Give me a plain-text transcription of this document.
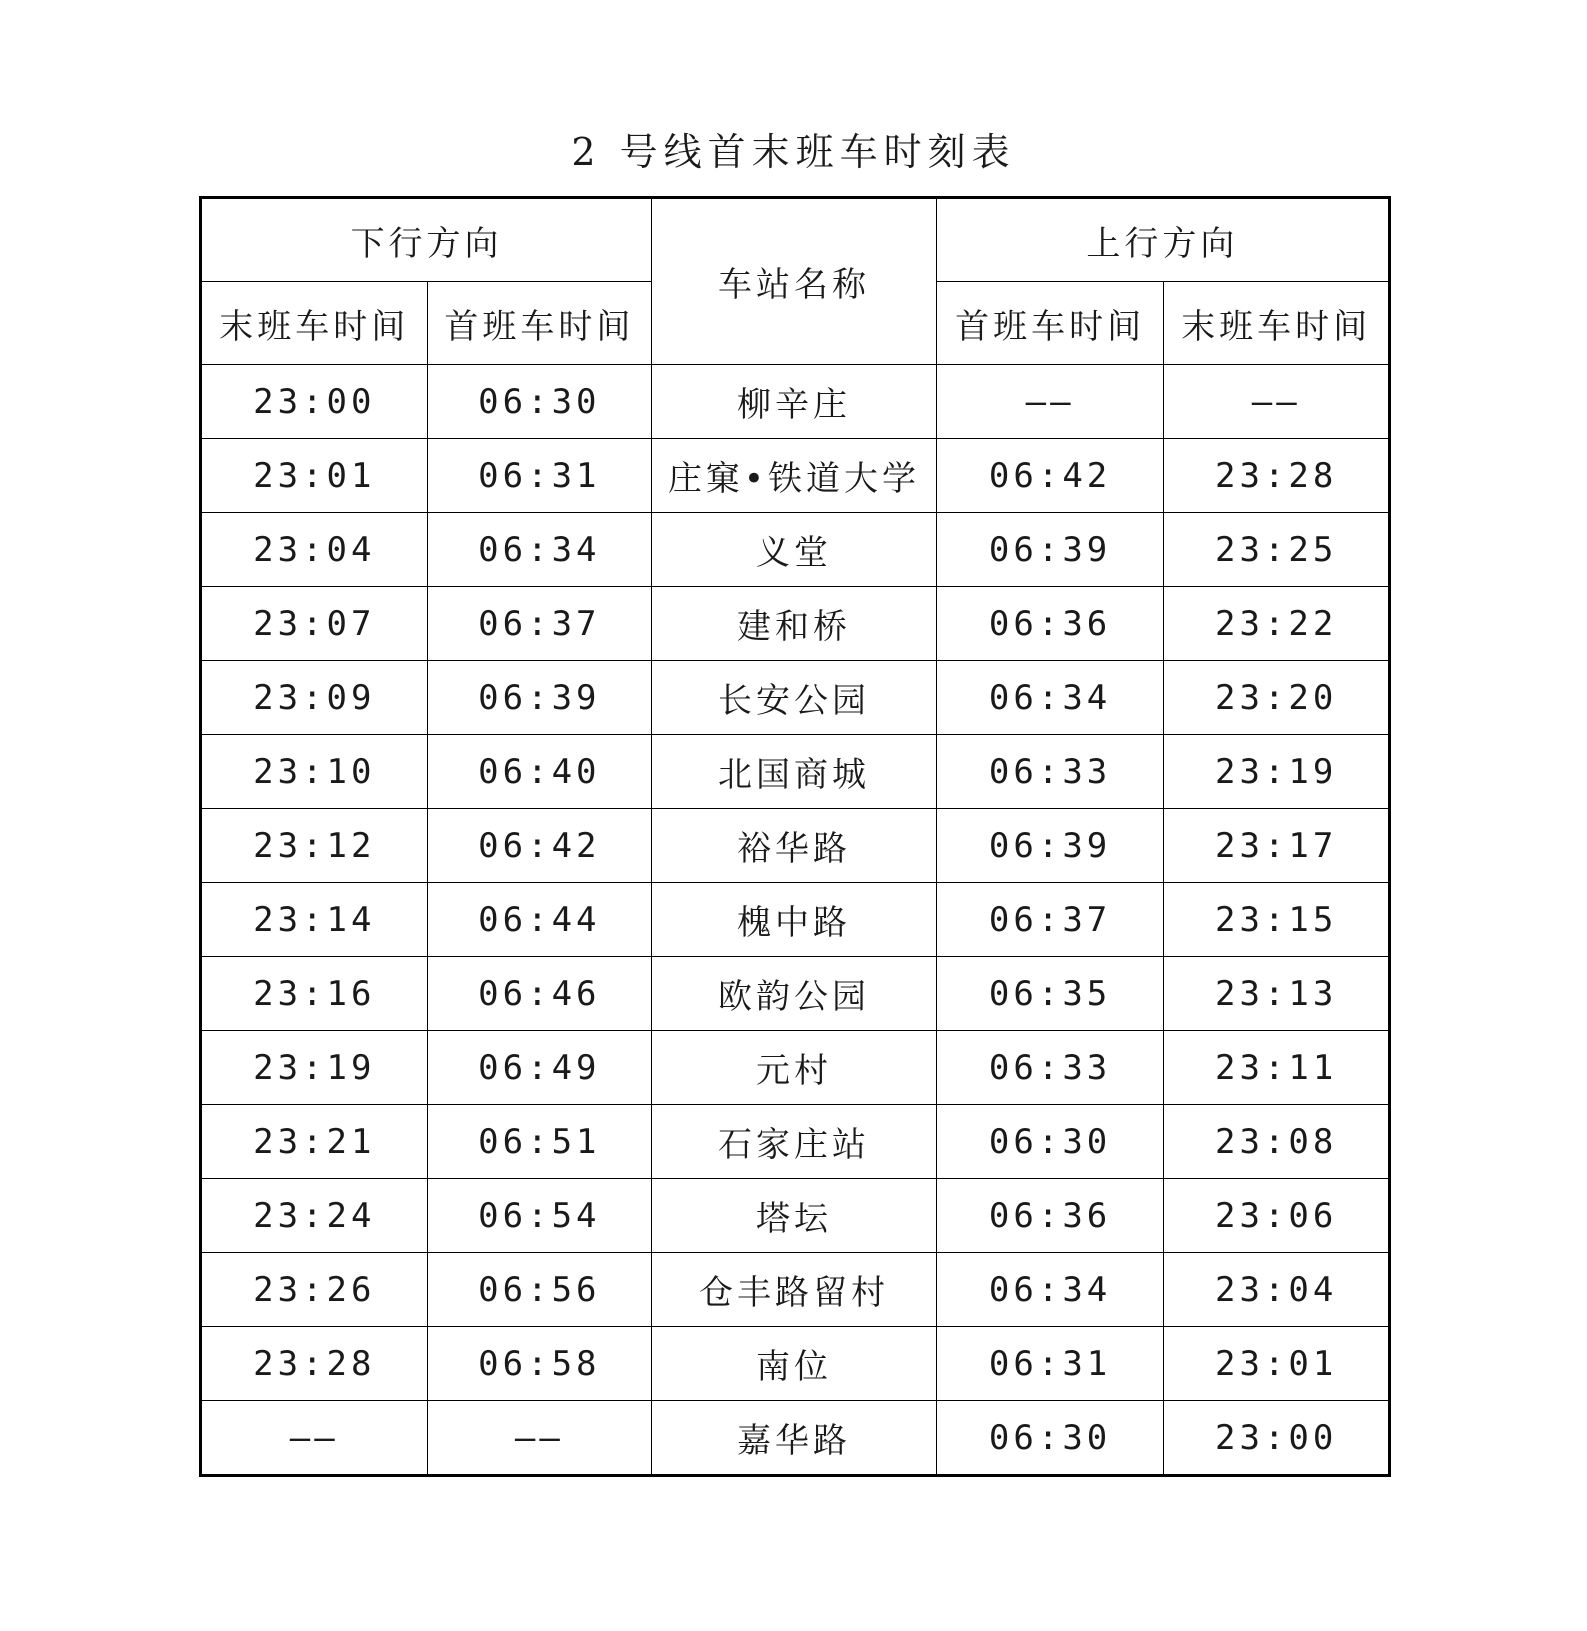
2 号线首末班车时刻表
下行方向		车站名称	上行方向	
末班车时间	首班车时间		首班车时间	末班车时间
23:00	06:30	柳辛庄	——	——
23:01	06:31	庄窠•铁道大学	06:42	23:28
23:04	06:34	义堂	06:39	23:25
23:07	06:37	建和桥	06:36	23:22
23:09	06:39	长安公园	06:34	23:20
23:10	06:40	北国商城	06:33	23:19
23:12	06:42	裕华路	06:39	23:17
23:14	06:44	槐中路	06:37	23:15
23:16	06:46	欧韵公园	06:35	23:13
23:19	06:49	元村	06:33	23:11
23:21	06:51	石家庄站	06:30	23:08
23:24	06:54	塔坛	06:36	23:06
23:26	06:56	仓丰路留村	06:34	23:04
23:28	06:58	南位	06:31	23:01
——	——	嘉华路	06:30	23:00
